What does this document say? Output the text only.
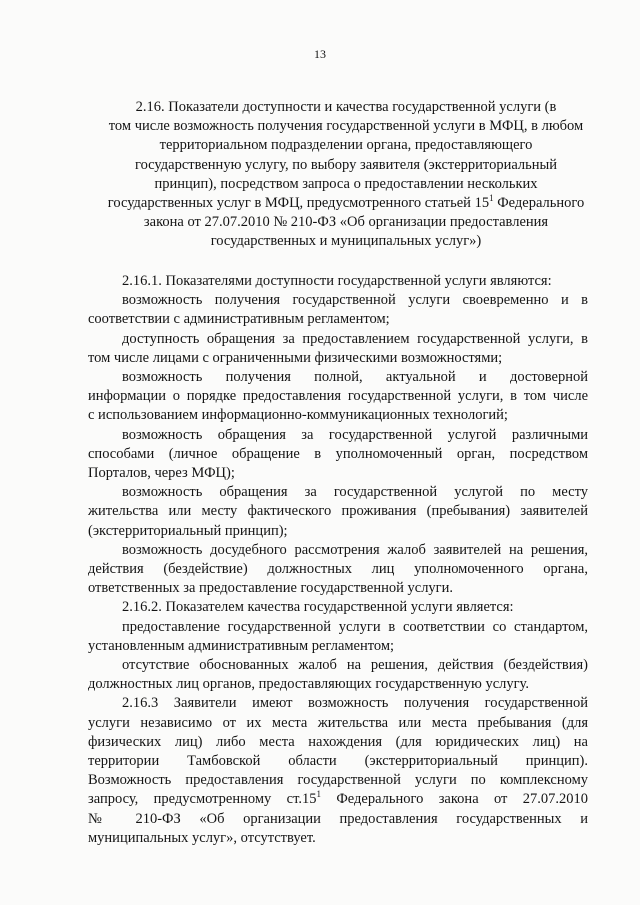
13
2.16. Показатели доступности и качества государственной услуги (в
том числе возможность получения государственной услуги в МФЦ, в любом
территориальном подразделении органа, предоставляющего
государственную услугу, по выбору заявителя (экстерриториальный
принцип), посредством запроса о предоставлении нескольких
государственных услуг в МФЦ, предусмотренного статьей $15^1$ Федерального
закона от 27.07.2010 № 210-ФЗ «Об организации предоставления
государственных и муниципальных услуг»)
2.16.1. Показателями доступности государственной услуги являются:
возможность получения государственной услуги своевременно и в
соответствии с административным регламентом;
доступность обращения за предоставлением государственной услуги, в
том числе лицами с ограниченными физическими возможностями;
возможность получения полной, актуальной и достоверной
информации о порядке предоставления государственной услуги, в том числе
с использованием информационно-коммуникационных технологий;
возможность обращения за государственной услугой различными
способами (личное обращение в уполномоченный орган, посредством
Порталов, через МФЦ);
возможность обращения за государственной услугой по месту
жительства или месту фактического проживания (пребывания) заявителей
(экстерриториальный принцип);
возможность досудебного рассмотрения жалоб заявителей на решения,
действия (бездействие) должностных лиц уполномоченного органа,
ответственных за предоставление государственной услуги.
2.16.2. Показателем качества государственной услуги является:
предоставление государственной услуги в соответствии со стандартом,
установленным административным регламентом;
отсутствие обоснованных жалоб на решения, действия (бездействия)
должностных лиц органов, предоставляющих государственную услугу.
2.16.3 Заявители имеют возможность получения государственной
услуги независимо от их места жительства или места пребывания (для
физических лиц) либо места нахождения (для юридических лиц) на
территории Тамбовской области (экстерриториальный принцип).
Возможность предоставления государственной услуги по комплексному
запросу, предусмотренному $ст.15^1$ Федерального закона от 27.07.2010
№ 210-ФЗ «Об организации предоставления государственных и
муниципальных услуг», отсутствует.
